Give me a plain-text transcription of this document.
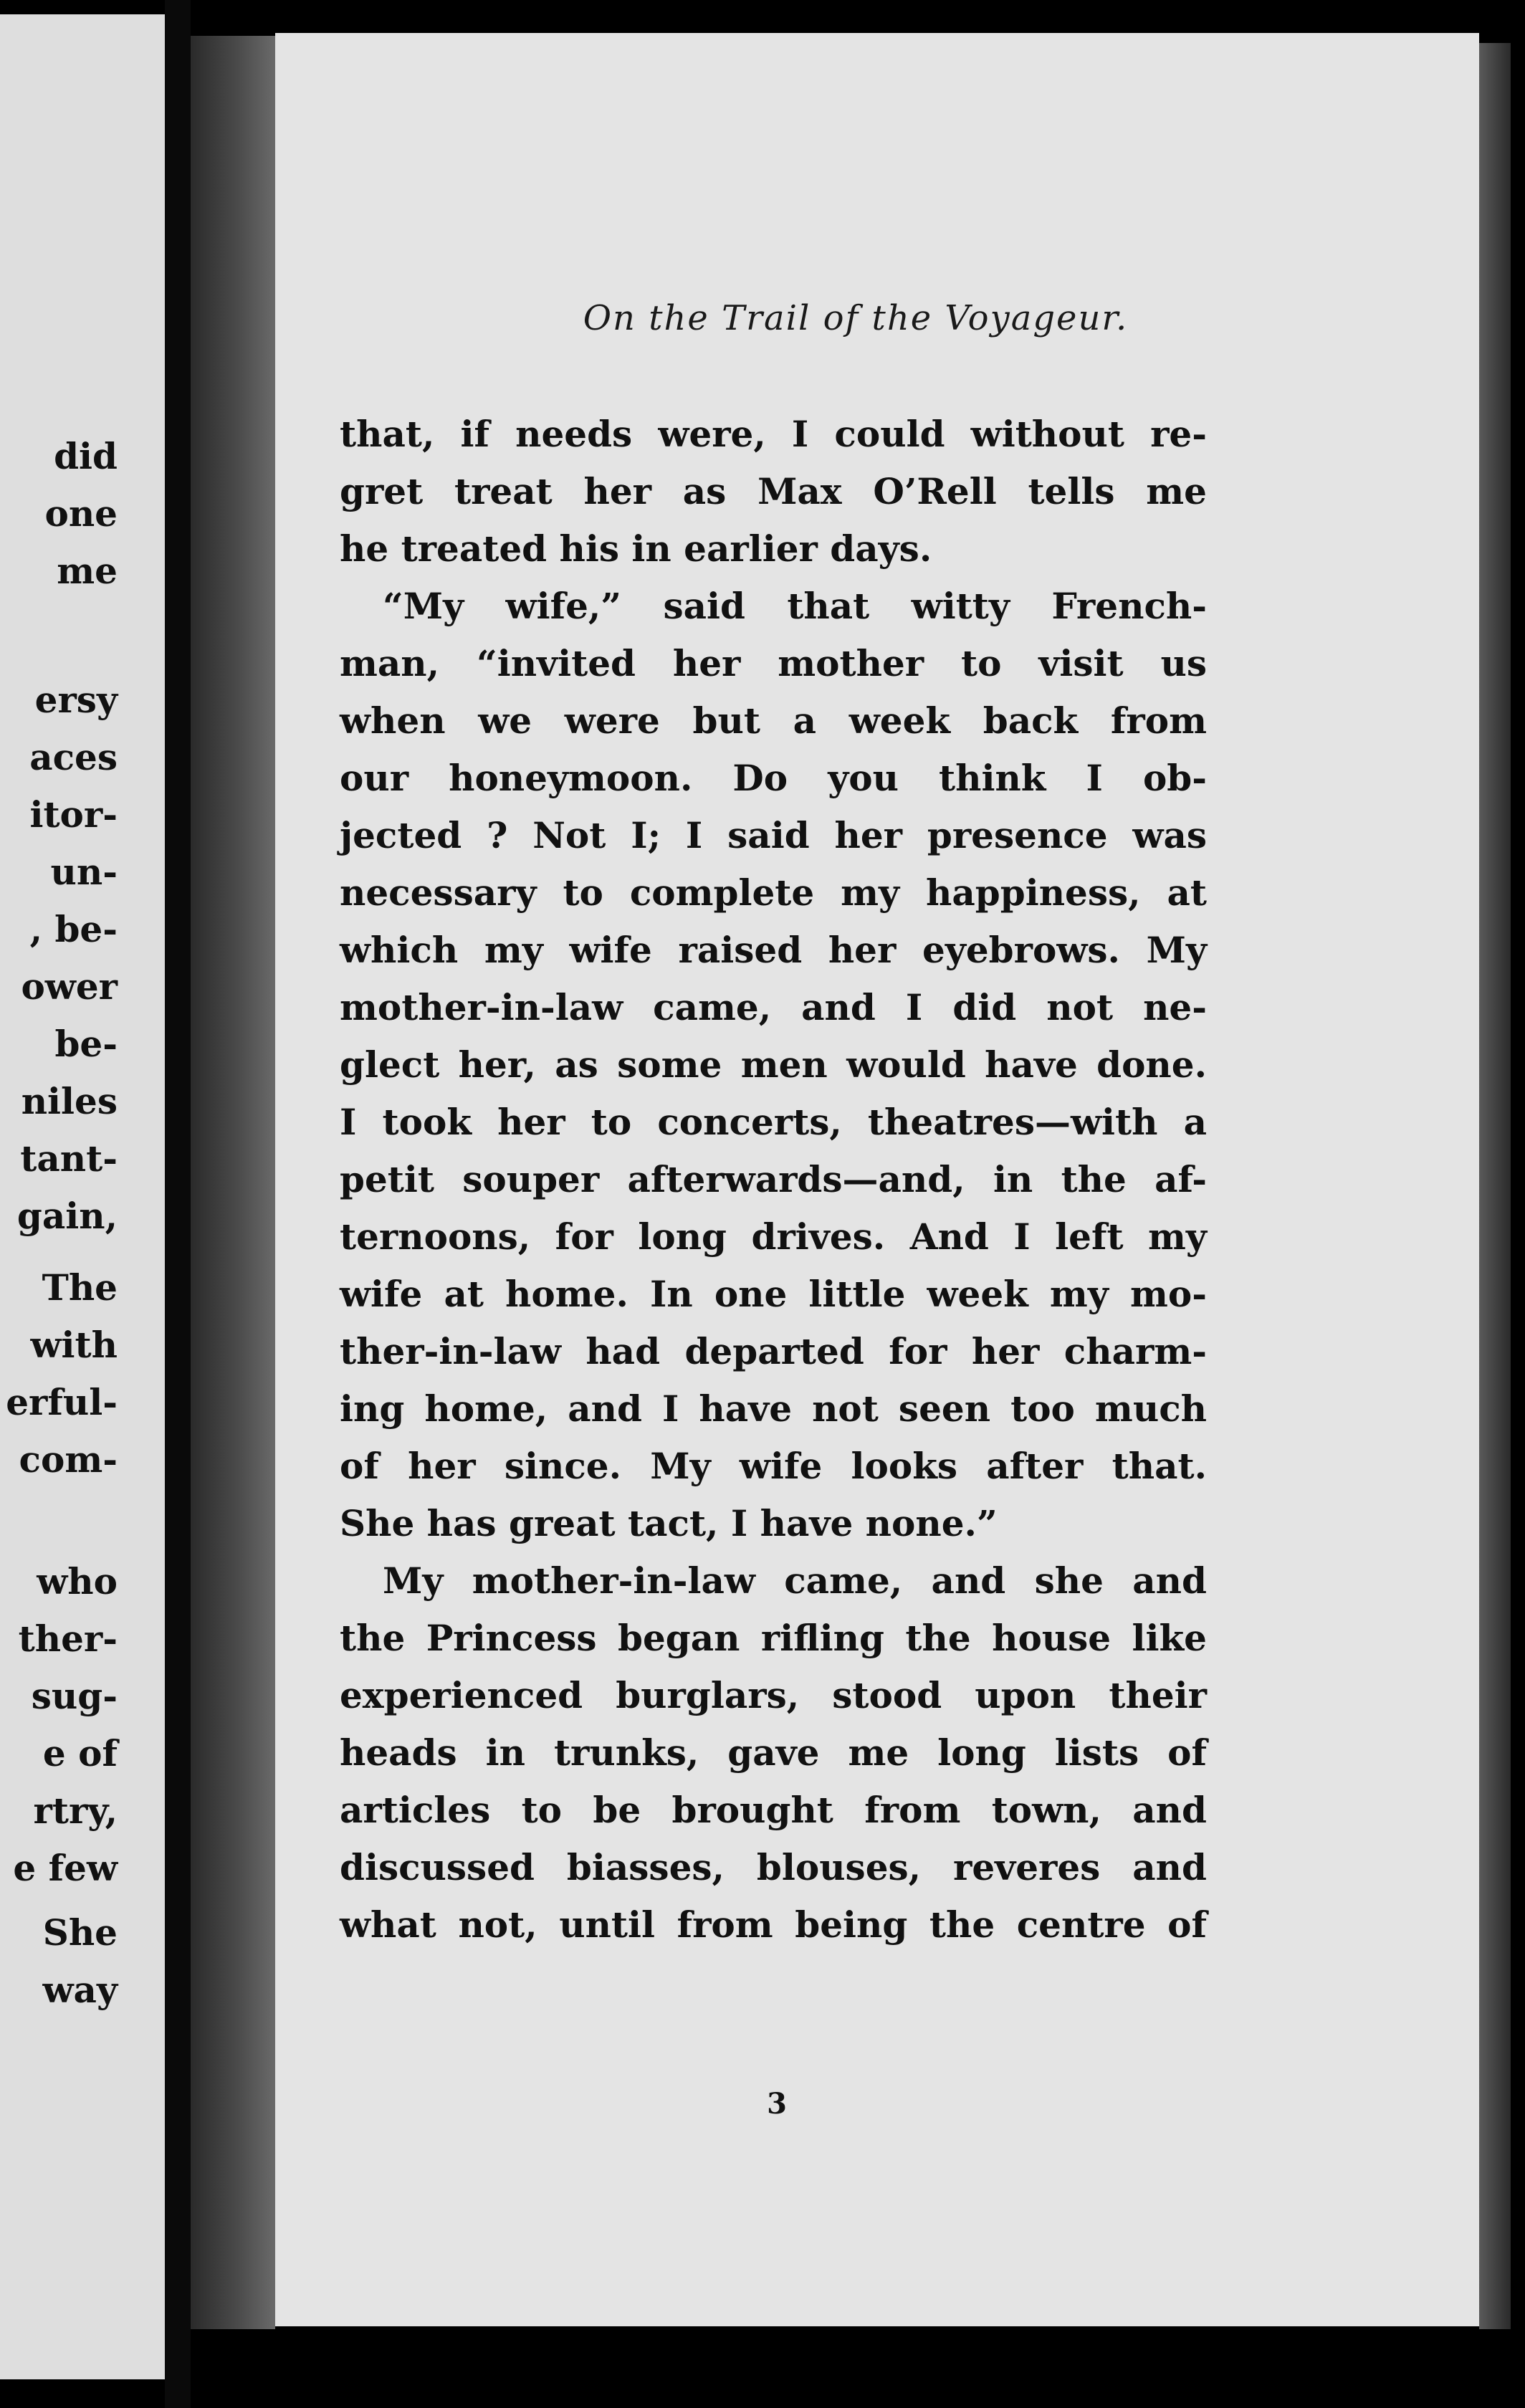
did

one

me

ersy

aces

itor-

un-

, be-

ower

be-

niles

tant-

gain,

The

with

erful-

com-

who

ther-

sug-

e of

rtry,

e few

She

way

On the Trail of the Voyageur.

that, if needs were, I could without re-

gret treat her as Max O’Rell tells me

he treated his in earlier days.

“My wife,” said that witty French-

man, “invited her mother to visit us

when we were but a week back from

our honeymoon. Do you think I ob-

jected ? Not I; I said her presence was

necessary to complete my happiness, at

which my wife raised her eyebrows. My

mother-in-law came, and I did not ne-

glect her, as some men would have done.

I took her to concerts, theatres—with a

petit souper afterwards—and, in the af-

ternoons, for long drives. And I left my

wife at home. In one little week my mo-

ther-in-law had departed for her charm-

ing home, and I have not seen too much

of her since. My wife looks after that.

She has great tact, I have none.”

My mother-in-law came, and she and

the Princess began rifling the house like

experienced burglars, stood upon their

heads in trunks, gave me long lists of

articles to be brought from town, and

discussed biasses, blouses, reveres and

what not, until from being the centre of

3
